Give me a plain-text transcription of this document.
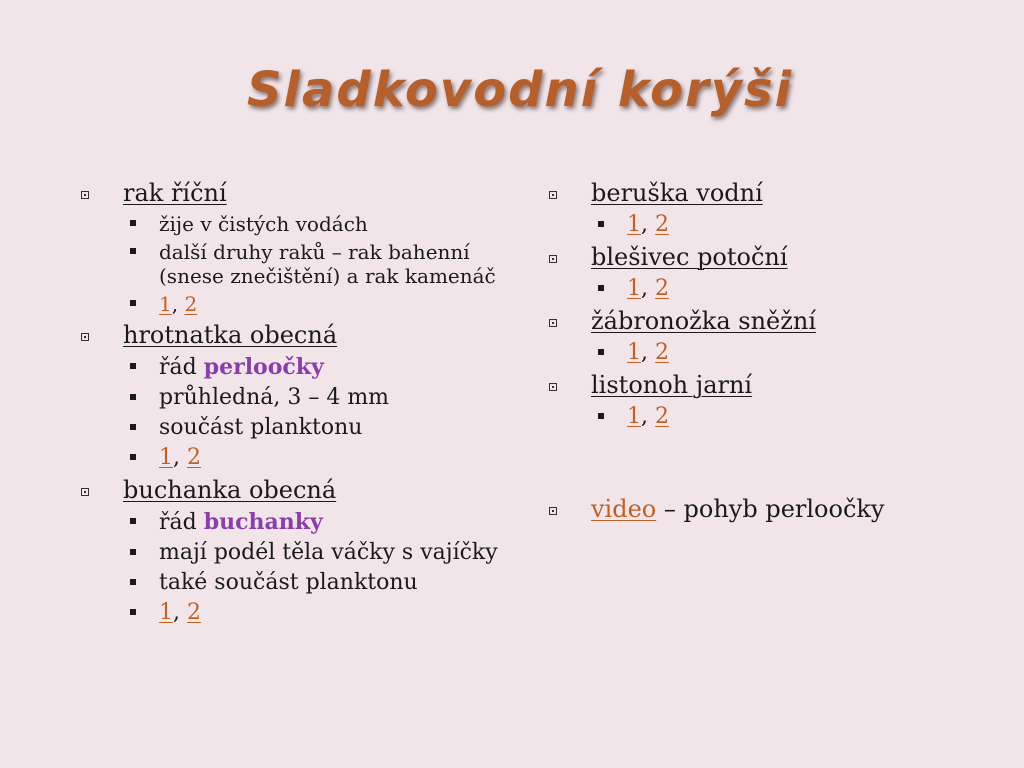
Sladkovodní korýši
rak říční
žije v čistých vodách
další druhy raků – rak bahenní (snese znečištění) a rak kamenáč
1, 2
hrotnatka obecná
řád perloočky
průhledná, 3 – 4 mm
součást planktonu
1, 2
buchanka obecná
řád buchanky
mají podél těla váčky s vajíčky
také součást planktonu
1, 2
beruška vodní
1, 2
blešivec potoční
1, 2
žábronožka sněžní
1, 2
listonoh jarní
1, 2
video – pohyb perloočky
